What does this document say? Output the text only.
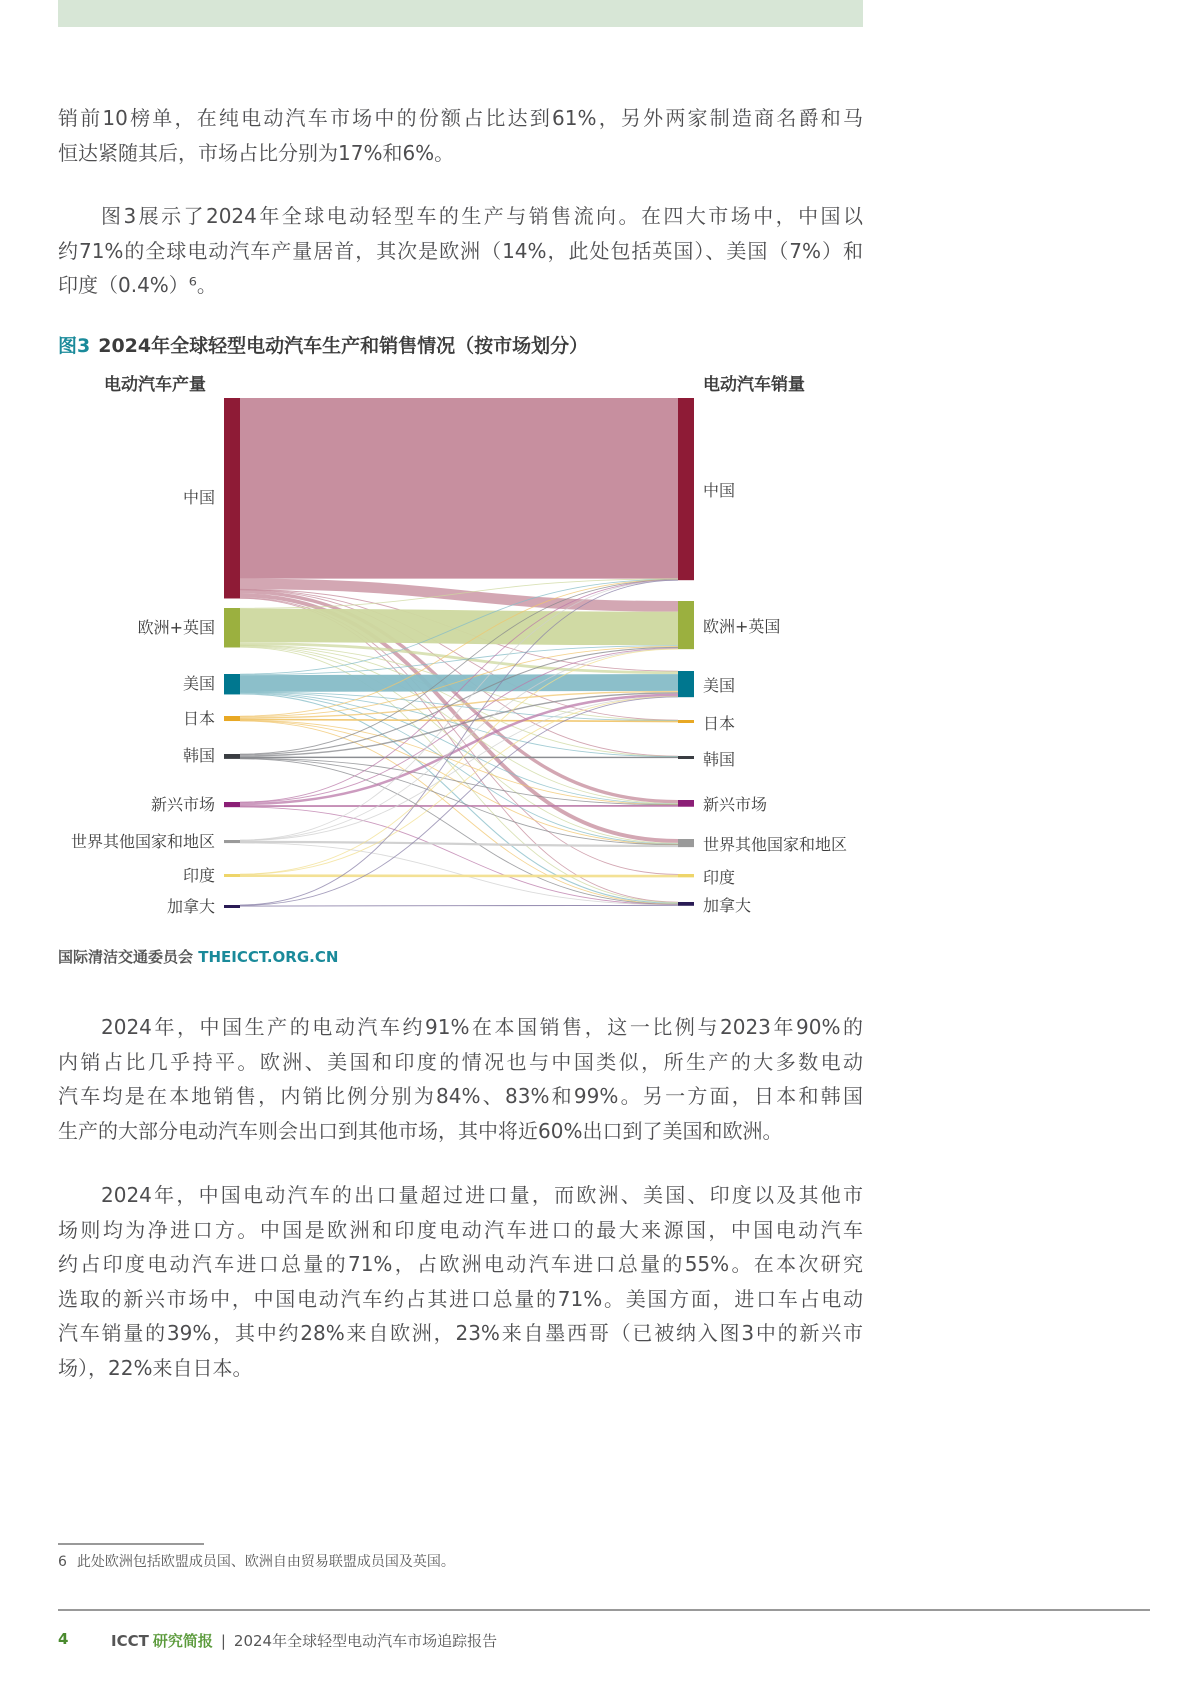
销前10榜单，在纯电动汽车市场中的份额占比达到61%，另外两家制造商名爵和马
恒达紧随其后，市场占比分别为17%和6%。
图3展示了2024年全球电动轻型车的生产与销售流向。在四大市场中，中国以
约71%的全球电动汽车产量居首，其次是欧洲（14%，此处包括英国）、美国（7%）和
印度（0.4%）⁶。
图3 2024年全球轻型电动汽车生产和销售情况（按市场划分）
电动汽车产量	电动汽车销量
中国	中国
欧洲+英国	欧洲+英国
美国	美国
日本	日本
韩国	韩国
新兴市场	新兴市场
世界其他国家和地区	世界其他国家和地区
印度	印度
加拿大	加拿大
国际清洁交通委员会 THEICCT.ORG.CN
2024年，中国生产的电动汽车约91%在本国销售，这一比例与2023年90%的
内销占比几乎持平。欧洲、美国和印度的情况也与中国类似，所生产的大多数电动
汽车均是在本地销售，内销比例分别为84%、83%和99%。另一方面，日本和韩国
生产的大部分电动汽车则会出口到其他市场，其中将近60%出口到了美国和欧洲。
2024年，中国电动汽车的出口量超过进口量，而欧洲、美国、印度以及其他市
场则均为净进口方。中国是欧洲和印度电动汽车进口的最大来源国，中国电动汽车
约占印度电动汽车进口总量的71%，占欧洲电动汽车进口总量的55%。在本次研究
选取的新兴市场中，中国电动汽车约占其进口总量的71%。美国方面，进口车占电动
汽车销量的39%，其中约28%来自欧洲，23%来自墨西哥（已被纳入图3中的新兴市
场），22%来自日本。
6 此处欧洲包括欧盟成员国、欧洲自由贸易联盟成员国及英国。
4	ICCT 研究简报 | 2024年全球轻型电动汽车市场追踪报告
